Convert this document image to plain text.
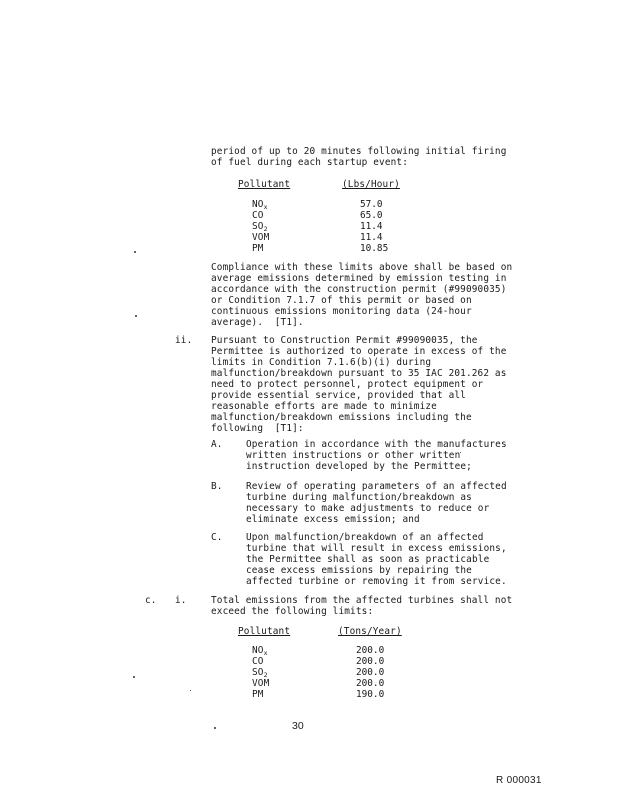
period of up to 20 minutes following initial firing
of fuel during each startup event:
Pollutant	(Lbs/Hour)
$NO_x$	57.0
CO	65.0
$SO_2$	11.4
VOM	11.4
PM	10.85
Compliance with these limits above shall be based on
average emissions determined by emission testing in
accordance with the construction permit (#99090035)
or Condition 7.1.7 of this permit or based on
continuous emissions monitoring data (24-hour
average).  [T1].
ii. Pursuant to Construction Permit #99090035, the
Permittee is authorized to operate in excess of the
limits in Condition 7.1.6(b)(i) during
malfunction/breakdown pursuant to 35 IAC 201.262 as
need to protect personnel, protect equipment or
provide essential service, provided that all
reasonable efforts are made to minimize
malfunction/breakdown emissions including the
following  [T1]:
A. Operation in accordance with the manufactures
written instructions or other written
instruction developed by the Permittee;
B. Review of operating parameters of an affected
turbine during malfunction/breakdown as
necessary to make adjustments to reduce or
eliminate excess emission; and
C. Upon malfunction/breakdown of an affected
turbine that will result in excess emissions,
the Permittee shall as soon as practicable
cease excess emissions by repairing the
affected turbine or removing it from service.
c. i.	Total emissions from the affected turbines shall not
exceed the following limits:
Pollutant	(Tons/Year)
$NO_x$	200.0
CO	200.0
$SO_2$	200.0
VOM	200.0
PM	190.0
30
R 000031
